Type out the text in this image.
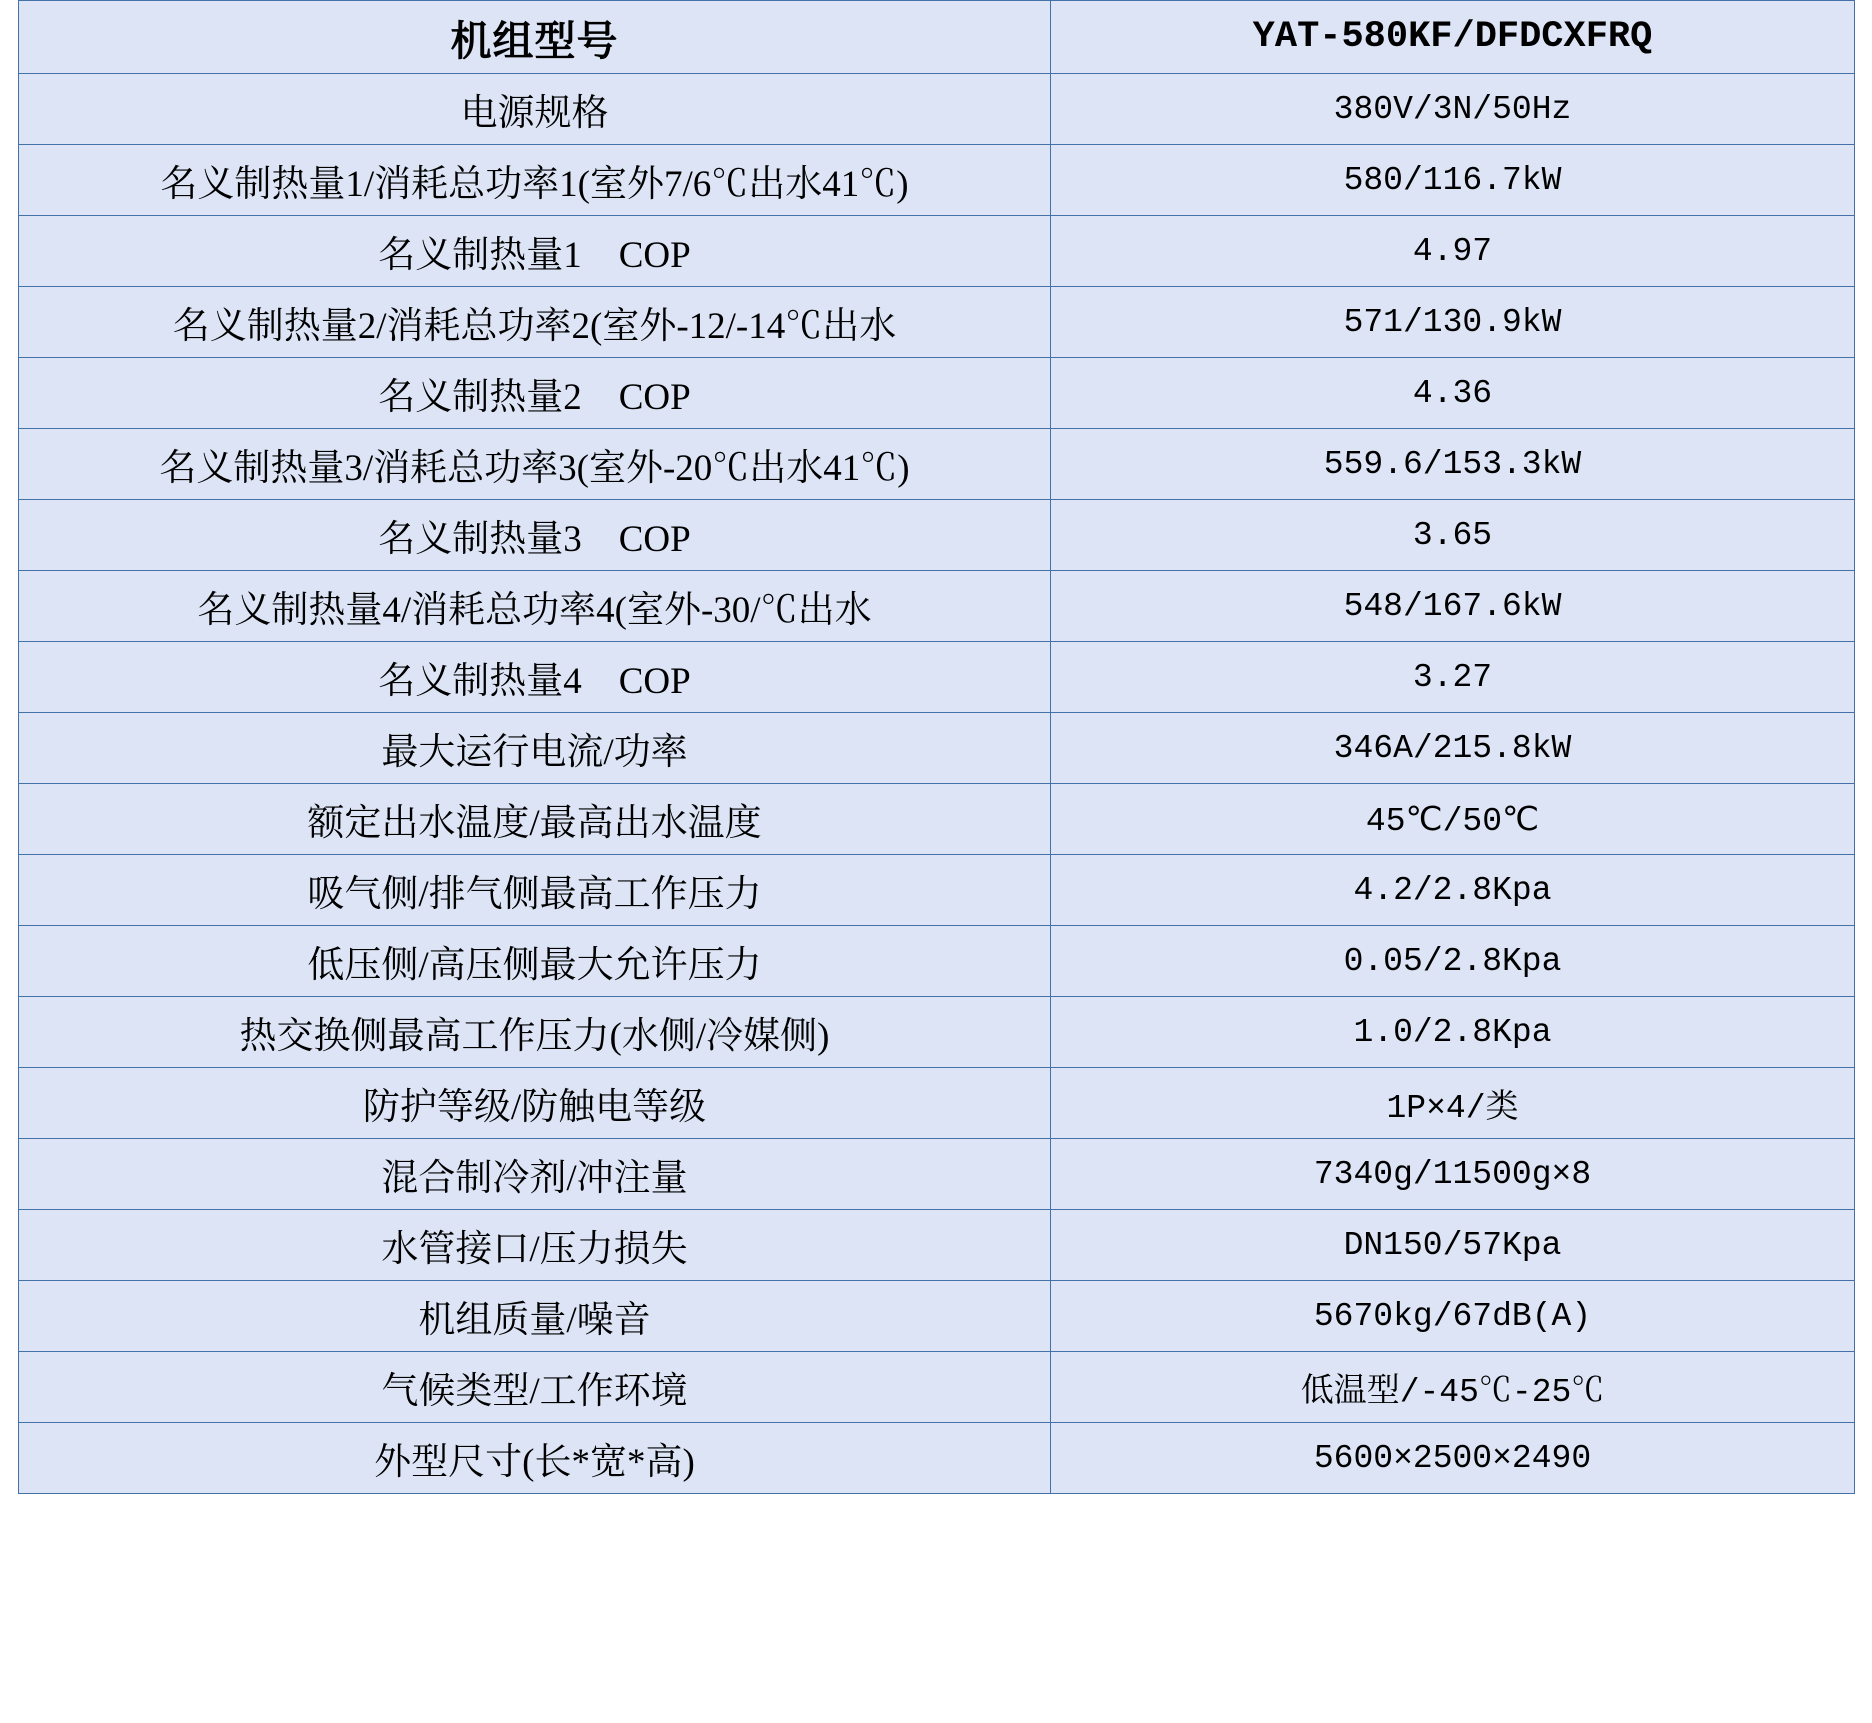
机组型号	YAT-580KF/DFDCXFRQ
电源规格	380V/3N/50Hz
名义制热量1/消耗总功率1(室外7/6℃出水41℃)	580/116.7kW
名义制热量1　COP	4.97
名义制热量2/消耗总功率2(室外-12/-14℃出水	571/130.9kW
名义制热量2　COP	4.36
名义制热量3/消耗总功率3(室外-20℃出水41℃)	559.6/153.3kW
名义制热量3　COP	3.65
名义制热量4/消耗总功率4(室外-30/℃出水	548/167.6kW
名义制热量4　COP	3.27
最大运行电流/功率	346A/215.8kW
额定出水温度/最高出水温度	45℃/50℃
吸气侧/排气侧最高工作压力	4.2/2.8Kpa
低压侧/高压侧最大允许压力	0.05/2.8Kpa
热交换侧最高工作压力(水侧/冷媒侧)	1.0/2.8Kpa
防护等级/防触电等级	1P×4/类
混合制冷剂/冲注量	7340g/11500g×8
水管接口/压力损失	DN150/57Kpa
机组质量/噪音	5670kg/67dB(A)
气候类型/工作环境	低温型/-45℃-25℃
外型尺寸(长*宽*高)	5600×2500×2490
